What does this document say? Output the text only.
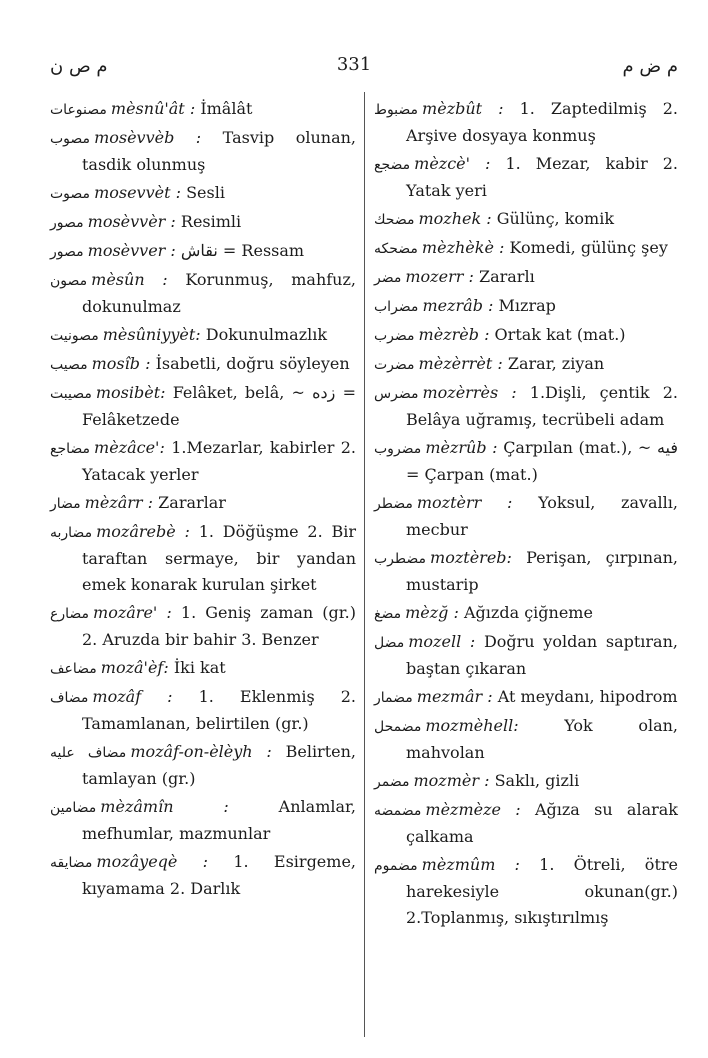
م ص ن	331	م ض م
مصنوعات mèsnû'ât : İmâlât
مصوب mosèvvèb : Tasvip olunan, tasdik olunmuş
مصوت mosevvèt : Sesli
مصور mosèvvèr : Resimli
مصور mosèvver : نقاش = Ressam
مصون mèsûn : Korunmuş, mahfuz, dokunulmaz
مصونيت mèsûniyyèt: Dokunulmazlık
مصيب mosîb : İsabetli, doğru söyleyen
مصيبت mosibèt: Felâket, belâ, ~ زده = Felâketzede
مضاجع mèzâce': 1.Mezarlar, kabirler 2. Yatacak yerler
مضار mèzârr : Zararlar
مضاربه mozârebè : 1. Döğüşme 2. Bir taraftan sermaye, bir yandan emek konarak kurulan şirket
مضارع mozâre' : 1. Geniş zaman (gr.) 2. Aruzda bir bahir 3. Benzer
مضاعف mozâ'èf: İki kat
مضاف mozâf : 1. Eklenmiş 2. Tamamlanan, belirtilen (gr.)
مضاف عليه mozâf-on-èlèyh : Belirten, tamlayan (gr.)
مضامين mèzâmîn :	Anlamlar, mefhumlar, mazmunlar
مضايقه mozâyeqè : 1. Esirgeme, kıyamama 2. Darlık
مضبوط mèzbût : 1. Zaptedilmiş 2. Arşive dosyaya konmuş
مضجع mèzcè' : 1. Mezar, kabir 2. Yatak yeri
مضحك mozhek : Gülünç, komik
مضحكه mèzhèkè : Komedi, gülünç şey
مضر mozerr : Zararlı
مضراب mezrâb : Mızrap
مضرب mèzrèb : Ortak kat (mat.)
مضرت mèzèrrèt : Zarar, ziyan
مضرس mozèrrès : 1.Dişli, çentik 2. Belâya uğramış, tecrübeli adam
مضروب mèzrûb : Çarpılan (mat.), ~ فيه = Çarpan (mat.)
مضطر moztèrr : Yoksul, zavallı, mecbur
مضطرب moztèreb: Perişan, çırpınan, mustarip
مضغ mèzğ : Ağızda çiğneme
مضل mozell : Doğru yoldan saptıran, baştan çıkaran
مضمار mezmâr : At meydanı, hipodrom
مضمحل mozmèhell:	Yok olan, mahvolan
مضمر mozmèr : Saklı, gizli
مضمضه mèzmèze : Ağıza su alarak çalkama
مضموم mèzmûm : 1. Ötreli, ötre harekesiyle okunan(gr.) 2.Toplanmış, sıkıştırılmış
